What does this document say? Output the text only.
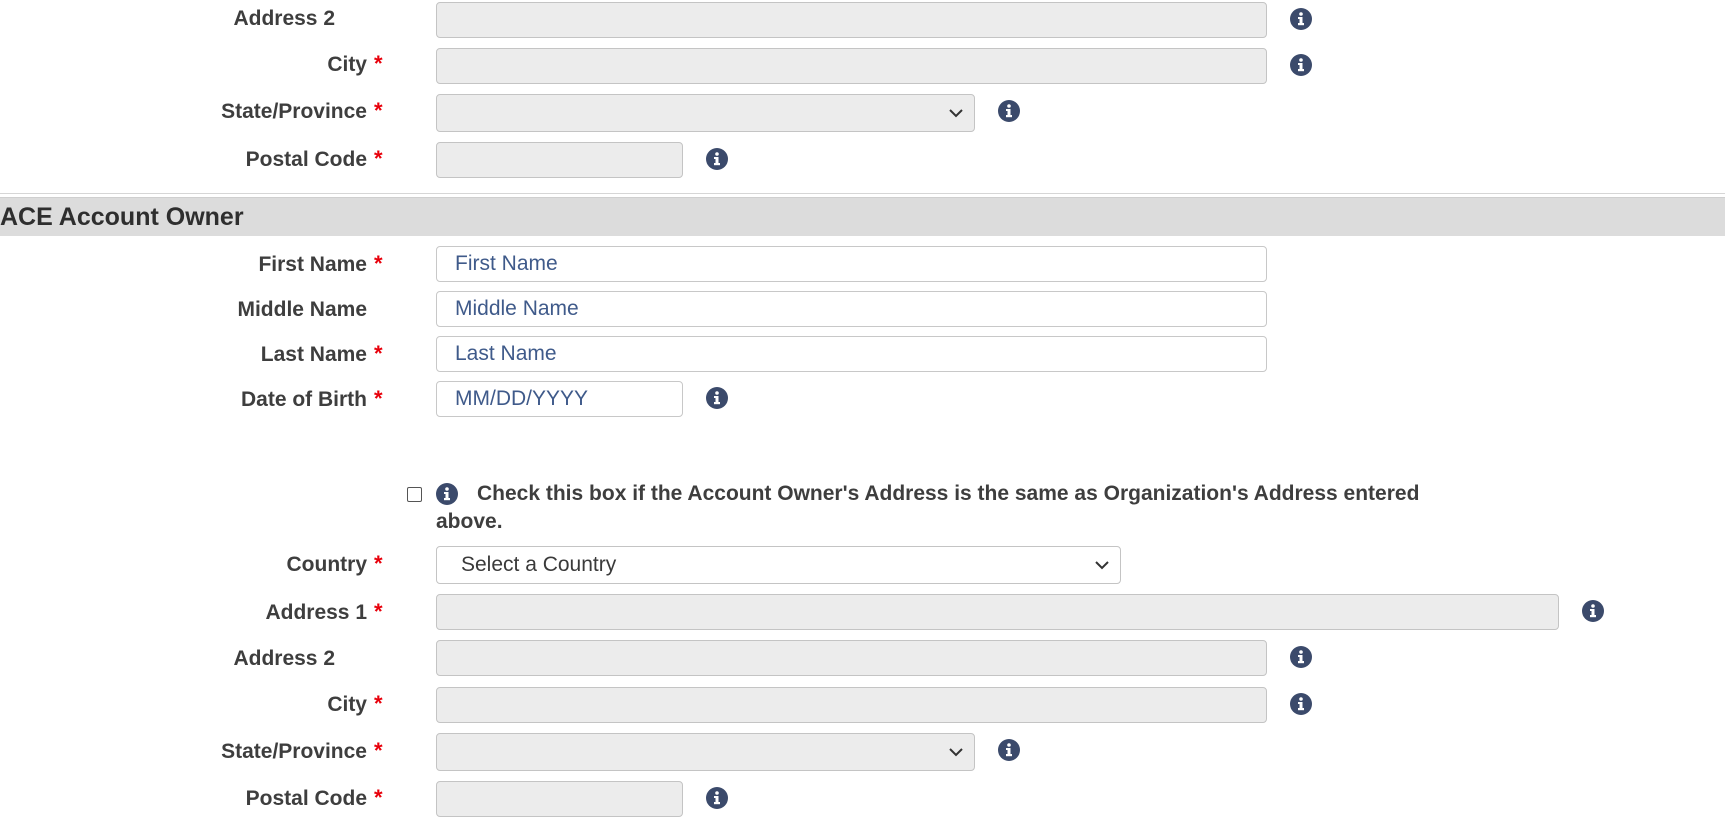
Address 2
City *
State/Province *
Postal Code *
ACE Account Owner
First Name *
First Name
Middle Name
Middle Name
Last Name *
Last Name
Date of Birth *
MM/DD/YYYY
Check this box if the Account Owner's Address is the same as Organization's Address entered
above.
Country *	Select a Country
Address 1 *
Address 2
City *
State/Province *
Postal Code *
